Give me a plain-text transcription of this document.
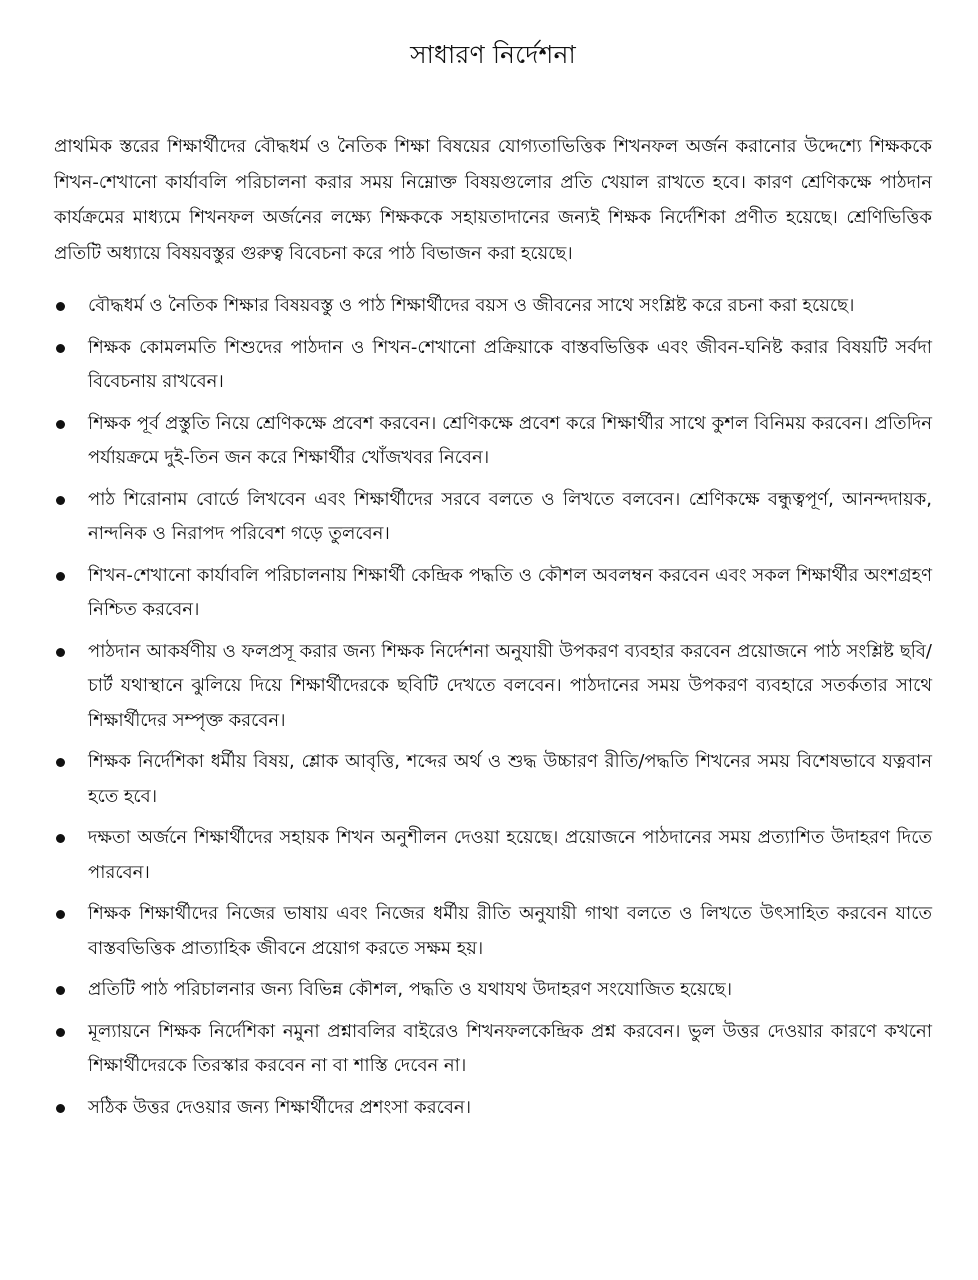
সাধারণ নির্দেশনা

প্রাথমিক স্তরের শিক্ষার্থীদের বৌদ্ধধর্ম ও নৈতিক শিক্ষা বিষয়ের যোগ্যতাভিত্তিক শিখনফল অর্জন করানোর উদ্দেশ্যে শিক্ষককে শিখন-শেখানো কার্যাবলি পরিচালনা করার সময় নিম্নোক্ত বিষয়গুলোর প্রতি খেয়াল রাখতে হবে। কারণ শ্রেণিকক্ষে পাঠদান কার্যক্রমের মাধ্যমে শিখনফল অর্জনের লক্ষ্যে শিক্ষককে সহায়তাদানের জন্যই শিক্ষক নির্দেশিকা প্রণীত হয়েছে। শ্রেণিভিত্তিক প্রতিটি অধ্যায়ে বিষয়বস্তুর গুরুত্ব বিবেচনা করে পাঠ বিভাজন করা হয়েছে।

বৌদ্ধধর্ম ও নৈতিক শিক্ষার বিষয়বস্তু ও পাঠ শিক্ষার্থীদের বয়স ও জীবনের সাথে সংশ্লিষ্ট করে রচনা করা হয়েছে।
শিক্ষক কোমলমতি শিশুদের পাঠদান ও শিখন-শেখানো প্রক্রিয়াকে বাস্তবভিত্তিক এবং জীবন-ঘনিষ্ট করার বিষয়টি সর্বদা বিবেচনায় রাখবেন।
শিক্ষক পূর্ব প্রস্তুতি নিয়ে শ্রেণিকক্ষে প্রবেশ করবেন। শ্রেণিকক্ষে প্রবেশ করে শিক্ষার্থীর সাথে কুশল বিনিময় করবেন। প্রতিদিন পর্যায়ক্রমে দুই-তিন জন করে শিক্ষার্থীর খোঁজখবর নিবেন।
পাঠ শিরোনাম বোর্ডে লিখবেন এবং শিক্ষার্থীদের সরবে বলতে ও লিখতে বলবেন। শ্রেণিকক্ষে বন্ধুত্বপূর্ণ, আনন্দদায়ক, নান্দনিক ও নিরাপদ পরিবেশ গড়ে তুলবেন।
শিখন-শেখানো কার্যাবলি পরিচালনায় শিক্ষার্থী কেন্দ্রিক পদ্ধতি ও কৌশল অবলম্বন করবেন এবং সকল শিক্ষার্থীর অংশগ্রহণ নিশ্চিত করবেন।
পাঠদান আকর্ষণীয় ও ফলপ্রসূ করার জন্য শিক্ষক নির্দেশনা অনুযায়ী উপকরণ ব্যবহার করবেন প্রয়োজনে পাঠ সংশ্লিষ্ট ছবি/চার্ট যথাস্থানে ঝুলিয়ে দিয়ে শিক্ষার্থীদেরকে ছবিটি দেখতে বলবেন। পাঠদানের সময় উপকরণ ব্যবহারে সতর্কতার সাথে শিক্ষার্থীদের সম্পৃক্ত করবেন।
শিক্ষক নির্দেশিকা ধর্মীয় বিষয়, শ্লোক আবৃত্তি, শব্দের অর্থ ও শুদ্ধ উচ্চারণ রীতি/পদ্ধতি শিখনের সময় বিশেষভাবে যত্নবান হতে হবে।
দক্ষতা অর্জনে শিক্ষার্থীদের সহায়ক শিখন অনুশীলন দেওয়া হয়েছে। প্রয়োজনে পাঠদানের সময় প্রত্যাশিত উদাহরণ দিতে পারবেন।
শিক্ষক শিক্ষার্থীদের নিজের ভাষায় এবং নিজের ধর্মীয় রীতি অনুযায়ী গাথা বলতে ও লিখতে উৎসাহিত করবেন যাতে বাস্তবভিত্তিক প্রাত্যাহিক জীবনে প্রয়োগ করতে সক্ষম হয়।
প্রতিটি পাঠ পরিচালনার জন্য বিভিন্ন কৌশল, পদ্ধতি ও যথাযথ উদাহরণ সংযোজিত হয়েছে।
মূল্যায়নে শিক্ষক নির্দেশিকা নমুনা প্রশ্নাবলির বাইরেও শিখনফলকেন্দ্রিক প্রশ্ন করবেন। ভুল উত্তর দেওয়ার কারণে কখনো শিক্ষার্থীদেরকে তিরস্কার করবেন না বা শাস্তি দেবেন না।
সঠিক উত্তর দেওয়ার জন্য শিক্ষার্থীদের প্রশংসা করবেন।
